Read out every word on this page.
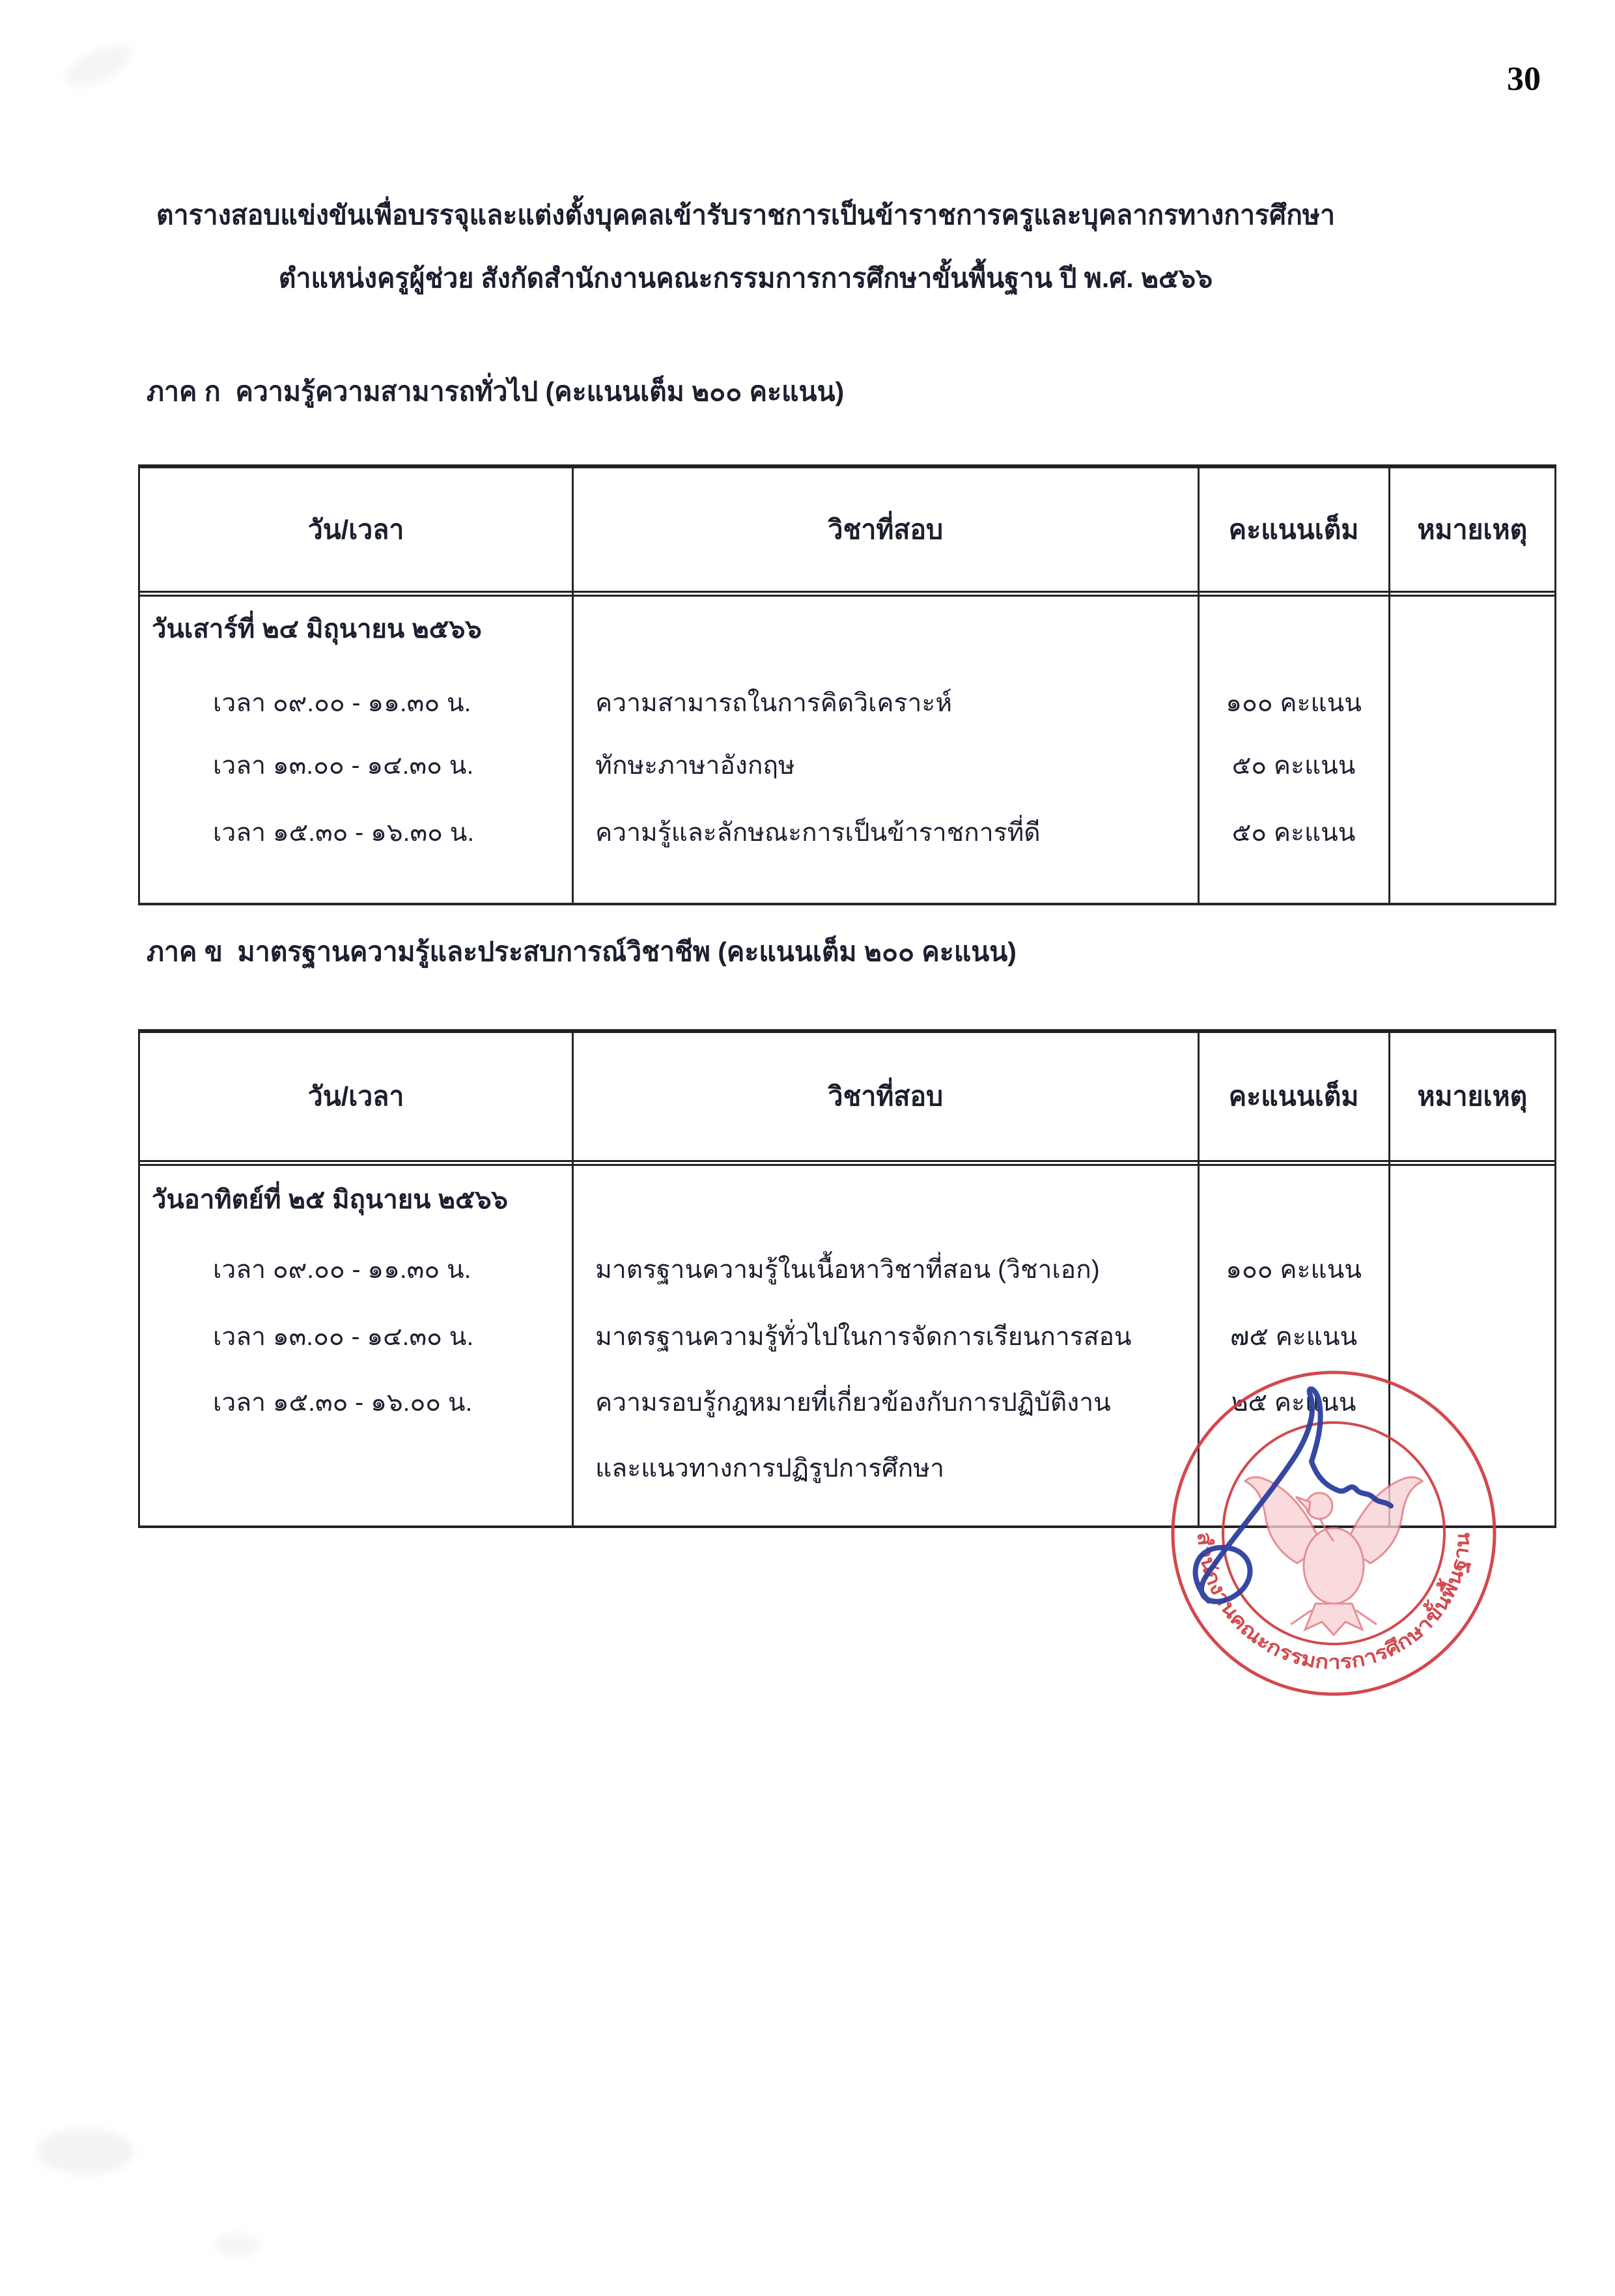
30
ตารางสอบแข่งขันเพื่อบรรจุและแต่งตั้งบุคคลเข้ารับราชการเป็นข้าราชการครูและบุคลากรทางการศึกษา
ตำแหน่งครูผู้ช่วย สังกัดสำนักงานคณะกรรมการการศึกษาขั้นพื้นฐาน ปี พ.ศ. ๒๕๖๖
ภาค ก  ความรู้ความสามารถทั่วไป (คะแนนเต็ม ๒๐๐ คะแนน)
วัน/เวลา
วันเสาร์ที่ ๒๔ มิถุนายน ๒๕๖๖
เวลา ๐๙.๐๐ - ๑๑.๓๐ น.
เวลา ๑๓.๐๐ - ๑๔.๓๐ น.
เวลา ๑๕.๓๐ - ๑๖.๓๐ น.
วิชาที่สอบ
ความสามารถในการคิดวิเคราะห์
ทักษะภาษาอังกฤษ
ความรู้และลักษณะการเป็นข้าราชการที่ดี
คะแนนเต็ม
๑๐๐ คะแนน
๕๐ คะแนน
๕๐ คะแนน
หมายเหตุ
ภาค ข  มาตรฐานความรู้และประสบการณ์วิชาชีพ (คะแนนเต็ม ๒๐๐ คะแนน)
วัน/เวลา
วันอาทิตย์ที่ ๒๕ มิถุนายน ๒๕๖๖
เวลา ๐๙.๐๐ - ๑๑.๓๐ น.
เวลา ๑๓.๐๐ - ๑๔.๓๐ น.
เวลา ๑๕.๓๐ - ๑๖.๐๐ น.
วิชาที่สอบ
มาตรฐานความรู้ในเนื้อหาวิชาที่สอน (วิชาเอก)
มาตรฐานความรู้ทั่วไปในการจัดการเรียนการสอน
ความรอบรู้กฎหมายที่เกี่ยวข้องกับการปฏิบัติงาน
และแนวทางการปฏิรูปการศึกษา
คะแนนเต็ม
๑๐๐ คะแนน
๗๕ คะแนน
๒๕ คะแนน
หมายเหตุ
สำนักงานคณะกรรมการการศึกษาขั้นพื้นฐาน
